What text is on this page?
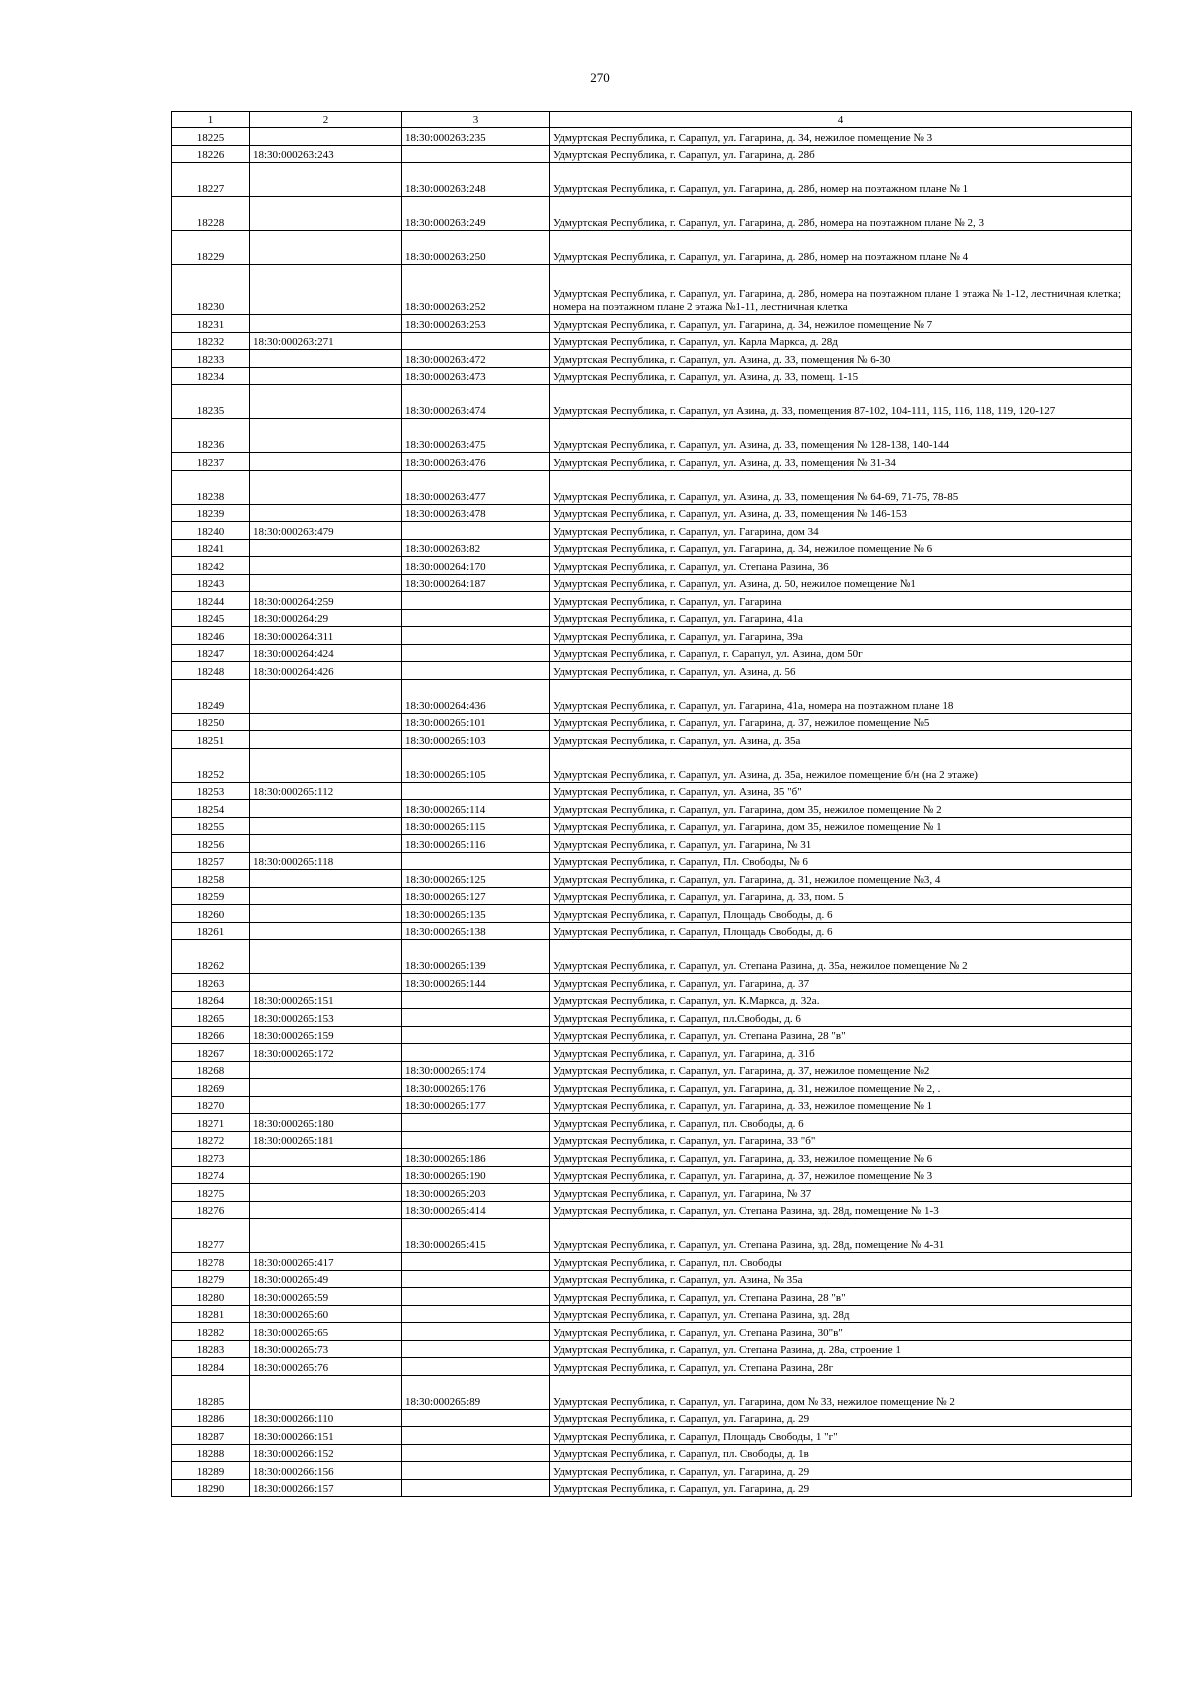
270
1	2	3	4
18225		18:30:000263:235	Удмуртская Республика, г. Сарапул, ул. Гагарина, д. 34, нежилое помещение № 3
18226	18:30:000263:243		Удмуртская Республика, г. Сарапул, ул. Гагарина, д. 28б
18227		18:30:000263:248	Удмуртская Республика, г. Сарапул, ул. Гагарина, д. 28б, номер на поэтажном плане № 1
18228		18:30:000263:249	Удмуртская Республика, г. Сарапул, ул. Гагарина, д. 28б, номера на поэтажном плане № 2, 3
18229		18:30:000263:250	Удмуртская Республика, г. Сарапул, ул. Гагарина, д. 28б, номер на поэтажном плане № 4
18230		18:30:000263:252	Удмуртская Республика, г. Сарапул, ул. Гагарина, д. 28б, номера на поэтажном плане 1 этажа № 1-12, лестничная клетка; номера на поэтажном плане 2 этажа №1-11, лестничная клетка
18231		18:30:000263:253	Удмуртская Республика, г. Сарапул, ул. Гагарина, д. 34, нежилое помещение № 7
18232	18:30:000263:271		Удмуртская Республика, г. Сарапул, ул. Карла Маркса, д. 28д
18233		18:30:000263:472	Удмуртская Республика, г. Сарапул, ул. Азина, д. 33, помещения № 6-30
18234		18:30:000263:473	Удмуртская Республика, г. Сарапул, ул. Азина, д. 33, помещ. 1-15
18235		18:30:000263:474	Удмуртская Республика, г. Сарапул, ул Азина, д. 33, помещения 87-102, 104-111, 115, 116, 118, 119, 120-127
18236		18:30:000263:475	Удмуртская Республика, г. Сарапул, ул. Азина, д. 33, помещения № 128-138, 140-144
18237		18:30:000263:476	Удмуртская Республика, г. Сарапул, ул. Азина, д. 33, помещения № 31-34
18238		18:30:000263:477	Удмуртская Республика, г. Сарапул, ул. Азина, д. 33, помещения № 64-69, 71-75, 78-85
18239		18:30:000263:478	Удмуртская Республика, г. Сарапул, ул. Азина, д. 33, помещения № 146-153
18240	18:30:000263:479		Удмуртская Республика, г. Сарапул, ул. Гагарина, дом 34
18241		18:30:000263:82	Удмуртская Республика, г. Сарапул, ул. Гагарина, д. 34, нежилое помещение № 6
18242		18:30:000264:170	Удмуртская Республика, г. Сарапул, ул. Степана Разина, 36
18243		18:30:000264:187	Удмуртская Республика, г. Сарапул, ул. Азина, д. 50, нежилое помещение №1
18244	18:30:000264:259		Удмуртская Республика, г. Сарапул, ул. Гагарина
18245	18:30:000264:29		Удмуртская Республика, г. Сарапул, ул. Гагарина, 41а
18246	18:30:000264:311		Удмуртская Республика, г. Сарапул, ул. Гагарина, 39а
18247	18:30:000264:424		Удмуртская Республика, г. Сарапул, г. Сарапул, ул. Азина, дом 50г
18248	18:30:000264:426		Удмуртская Республика, г. Сарапул, ул. Азина, д. 56
18249		18:30:000264:436	Удмуртская Республика, г. Сарапул, ул. Гагарина, 41а, номера на поэтажном плане 18
18250		18:30:000265:101	Удмуртская Республика, г. Сарапул, ул. Гагарина, д. 37, нежилое помещение №5
18251		18:30:000265:103	Удмуртская Республика, г. Сарапул, ул. Азина, д. 35а
18252		18:30:000265:105	Удмуртская Республика, г. Сарапул, ул. Азина, д. 35а, нежилое помещение б/н (на 2 этаже)
18253	18:30:000265:112		Удмуртская Республика, г. Сарапул, ул. Азина, 35 "б"
18254		18:30:000265:114	Удмуртская Республика, г. Сарапул, ул. Гагарина, дом 35, нежилое помещение № 2
18255		18:30:000265:115	Удмуртская Республика, г. Сарапул, ул. Гагарина, дом 35, нежилое помещение № 1
18256		18:30:000265:116	Удмуртская Республика, г. Сарапул, ул. Гагарина, № 31
18257	18:30:000265:118		Удмуртская Республика, г. Сарапул, Пл. Свободы, № 6
18258		18:30:000265:125	Удмуртская Республика, г. Сарапул, ул. Гагарина, д. 31, нежилое помещение №3, 4
18259		18:30:000265:127	Удмуртская Республика, г. Сарапул, ул. Гагарина, д. 33, пом. 5
18260		18:30:000265:135	Удмуртская Республика, г. Сарапул, Площадь Свободы, д. 6
18261		18:30:000265:138	Удмуртская Республика, г. Сарапул, Площадь Свободы, д. 6
18262		18:30:000265:139	Удмуртская Республика, г. Сарапул, ул. Степана Разина, д. 35а, нежилое помещение № 2
18263		18:30:000265:144	Удмуртская Республика, г. Сарапул, ул. Гагарина, д. 37
18264	18:30:000265:151		Удмуртская Республика, г. Сарапул, ул. К.Маркса, д. 32а.
18265	18:30:000265:153		Удмуртская Республика, г. Сарапул, пл.Свободы, д. 6
18266	18:30:000265:159		Удмуртская Республика, г. Сарапул, ул. Степана Разина, 28 "в"
18267	18:30:000265:172		Удмуртская Республика, г. Сарапул, ул. Гагарина, д. 31б
18268		18:30:000265:174	Удмуртская Республика, г. Сарапул, ул. Гагарина, д. 37, нежилое помещение №2
18269		18:30:000265:176	Удмуртская Республика, г. Сарапул, ул. Гагарина, д. 31, нежилое помещение № 2, .
18270		18:30:000265:177	Удмуртская Республика, г. Сарапул, ул. Гагарина, д. 33, нежилое помещение № 1
18271	18:30:000265:180		Удмуртская Республика, г. Сарапул, пл. Свободы, д. 6
18272	18:30:000265:181		Удмуртская Республика, г. Сарапул, ул. Гагарина, 33 "б"
18273		18:30:000265:186	Удмуртская Республика, г. Сарапул, ул. Гагарина, д. 33, нежилое помещение № 6
18274		18:30:000265:190	Удмуртская Республика, г. Сарапул, ул. Гагарина, д. 37, нежилое помещение № 3
18275		18:30:000265:203	Удмуртская Республика, г. Сарапул, ул. Гагарина, № 37
18276		18:30:000265:414	Удмуртская Республика, г. Сарапул, ул. Степана Разина, зд. 28д, помещение № 1-3
18277		18:30:000265:415	Удмуртская Республика, г. Сарапул, ул. Степана Разина, зд. 28д, помещение № 4-31
18278	18:30:000265:417		Удмуртская Республика, г. Сарапул, пл. Свободы
18279	18:30:000265:49		Удмуртская Республика, г. Сарапул, ул. Азина, № 35а
18280	18:30:000265:59		Удмуртская Республика, г. Сарапул, ул. Степана Разина, 28 "в"
18281	18:30:000265:60		Удмуртская Республика, г. Сарапул, ул. Степана Разина, зд. 28д
18282	18:30:000265:65		Удмуртская Республика, г. Сарапул, ул. Степана Разина, 30"в"
18283	18:30:000265:73		Удмуртская Республика, г. Сарапул, ул. Степана Разина, д. 28а, строение 1
18284	18:30:000265:76		Удмуртская Республика, г. Сарапул, ул. Степана Разина, 28г
18285		18:30:000265:89	Удмуртская Республика, г. Сарапул, ул. Гагарина, дом № 33, нежилое помещение № 2
18286	18:30:000266:110		Удмуртская Республика, г. Сарапул, ул. Гагарина, д. 29
18287	18:30:000266:151		Удмуртская Республика, г. Сарапул, Площадь Свободы, 1 "г"
18288	18:30:000266:152		Удмуртская Республика, г. Сарапул, пл. Свободы, д. 1в
18289	18:30:000266:156		Удмуртская Республика, г. Сарапул, ул. Гагарина, д. 29
18290	18:30:000266:157		Удмуртская Республика, г. Сарапул, ул. Гагарина, д. 29
